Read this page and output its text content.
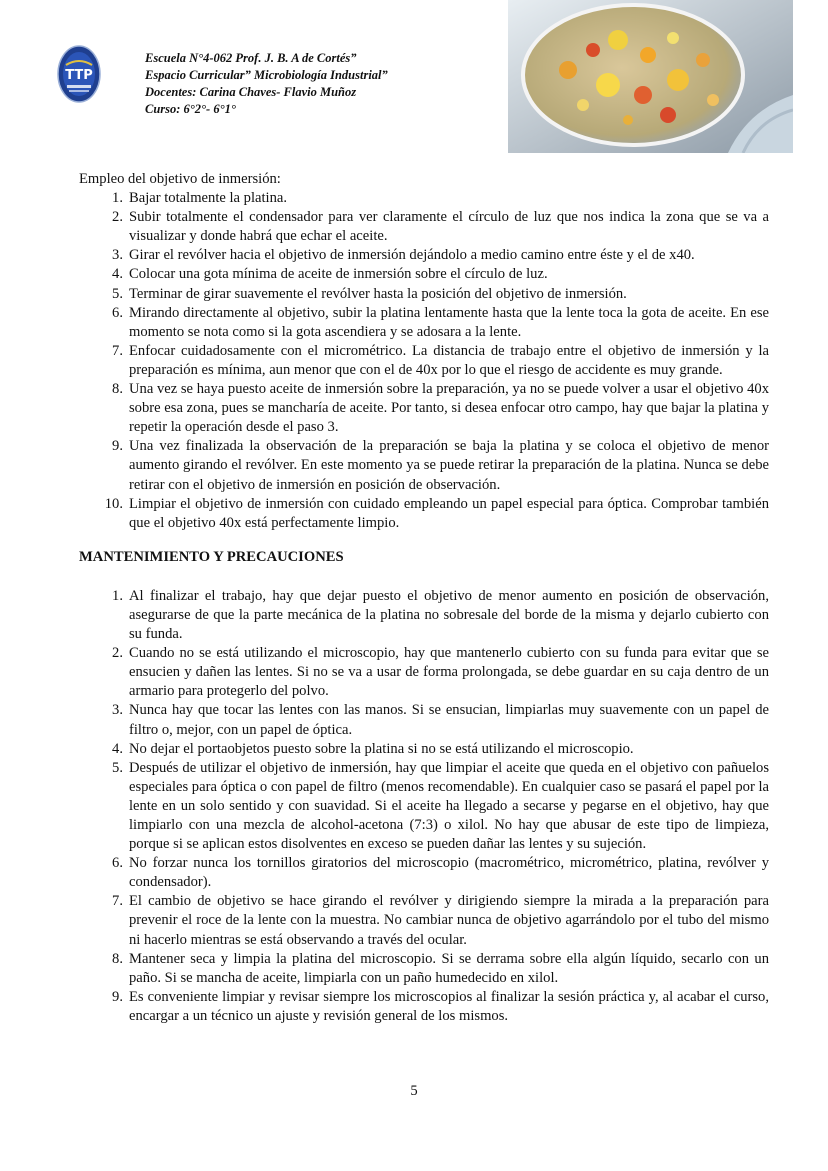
TTP
Escuela N°4-062 Prof. J. B. A de Cortés”
Espacio Curricular” Microbiología Industrial”
Docentes: Carina Chaves- Flavio Muñoz
Curso: 6°2°- 6°1°
Empleo del objetivo de inmersión:
1. Bajar totalmente la platina.
2. Subir totalmente el condensador para ver claramente el círculo de luz que nos indica la zona que se va a visualizar y donde habrá que echar el aceite.
3. Girar el revólver hacia el objetivo de inmersión dejándolo a medio camino entre éste y el de x40.
4. Colocar una gota mínima de aceite de inmersión sobre el círculo de luz.
5. Terminar de girar suavemente el revólver hasta la posición del objetivo de inmersión.
6. Mirando directamente al objetivo, subir la platina lentamente hasta que la lente toca la gota de aceite. En ese momento se nota como si la gota ascendiera y se adosara a la lente.
7. Enfocar cuidadosamente con el micrométrico. La distancia de trabajo entre el objetivo de inmersión y la preparación es mínima, aun menor que con el de 40x por lo que el riesgo de accidente es muy grande.
8. Una vez se haya puesto aceite de inmersión sobre la preparación, ya no se puede volver a usar el objetivo 40x sobre esa zona, pues se mancharía de aceite. Por tanto, si desea enfocar otro campo, hay que bajar la platina y repetir la operación desde el paso 3.
9. Una vez finalizada la observación de la preparación se baja la platina y se coloca el objetivo de menor aumento girando el revólver. En este momento ya se puede retirar la preparación de la platina. Nunca se debe retirar con el objetivo de inmersión en posición de observación.
10. Limpiar el objetivo de inmersión con cuidado empleando un papel especial para óptica. Comprobar también que el objetivo 40x está perfectamente limpio.
MANTENIMIENTO Y PRECAUCIONES
1. Al finalizar el trabajo, hay que dejar puesto el objetivo de menor aumento en posición de observación, asegurarse de que la parte mecánica de la platina no sobresale del borde de la misma y dejarlo cubierto con su funda.
2. Cuando no se está utilizando el microscopio, hay que mantenerlo cubierto con su funda para evitar que se ensucien y dañen las lentes. Si no se va a usar de forma prolongada, se debe guardar en su caja dentro de un armario para protegerlo del polvo.
3. Nunca hay que tocar las lentes con las manos. Si se ensucian, limpiarlas muy suavemente con un papel de filtro o, mejor, con un papel de óptica.
4. No dejar el portaobjetos puesto sobre la platina si no se está utilizando el microscopio.
5. Después de utilizar el objetivo de inmersión, hay que limpiar el aceite que queda en el objetivo con pañuelos especiales para óptica o con papel de filtro (menos recomendable). En cualquier caso se pasará el papel por la lente en un solo sentido y con suavidad. Si el aceite ha llegado a secarse y pegarse en el objetivo, hay que limpiarlo con una mezcla de alcohol-acetona (7:3) o xilol. No hay que abusar de este tipo de limpieza, porque si se aplican estos disolventes en exceso se pueden dañar las lentes y su sujeción.
6. No forzar nunca los tornillos giratorios del microscopio (macrométrico, micrométrico, platina, revólver y condensador).
7. El cambio de objetivo se hace girando el revólver y dirigiendo siempre la mirada a la preparación para prevenir el roce de la lente con la muestra. No cambiar nunca de objetivo agarrándolo por el tubo del mismo ni hacerlo mientras se está observando a través del ocular.
8. Mantener seca y limpia la platina del microscopio. Si se derrama sobre ella algún líquido, secarlo con un paño. Si se mancha de aceite, limpiarla con un paño humedecido en xilol.
9. Es conveniente limpiar y revisar siempre los microscopios al finalizar la sesión práctica y, al acabar el curso, encargar a un técnico un ajuste y revisión general de los mismos.
5
